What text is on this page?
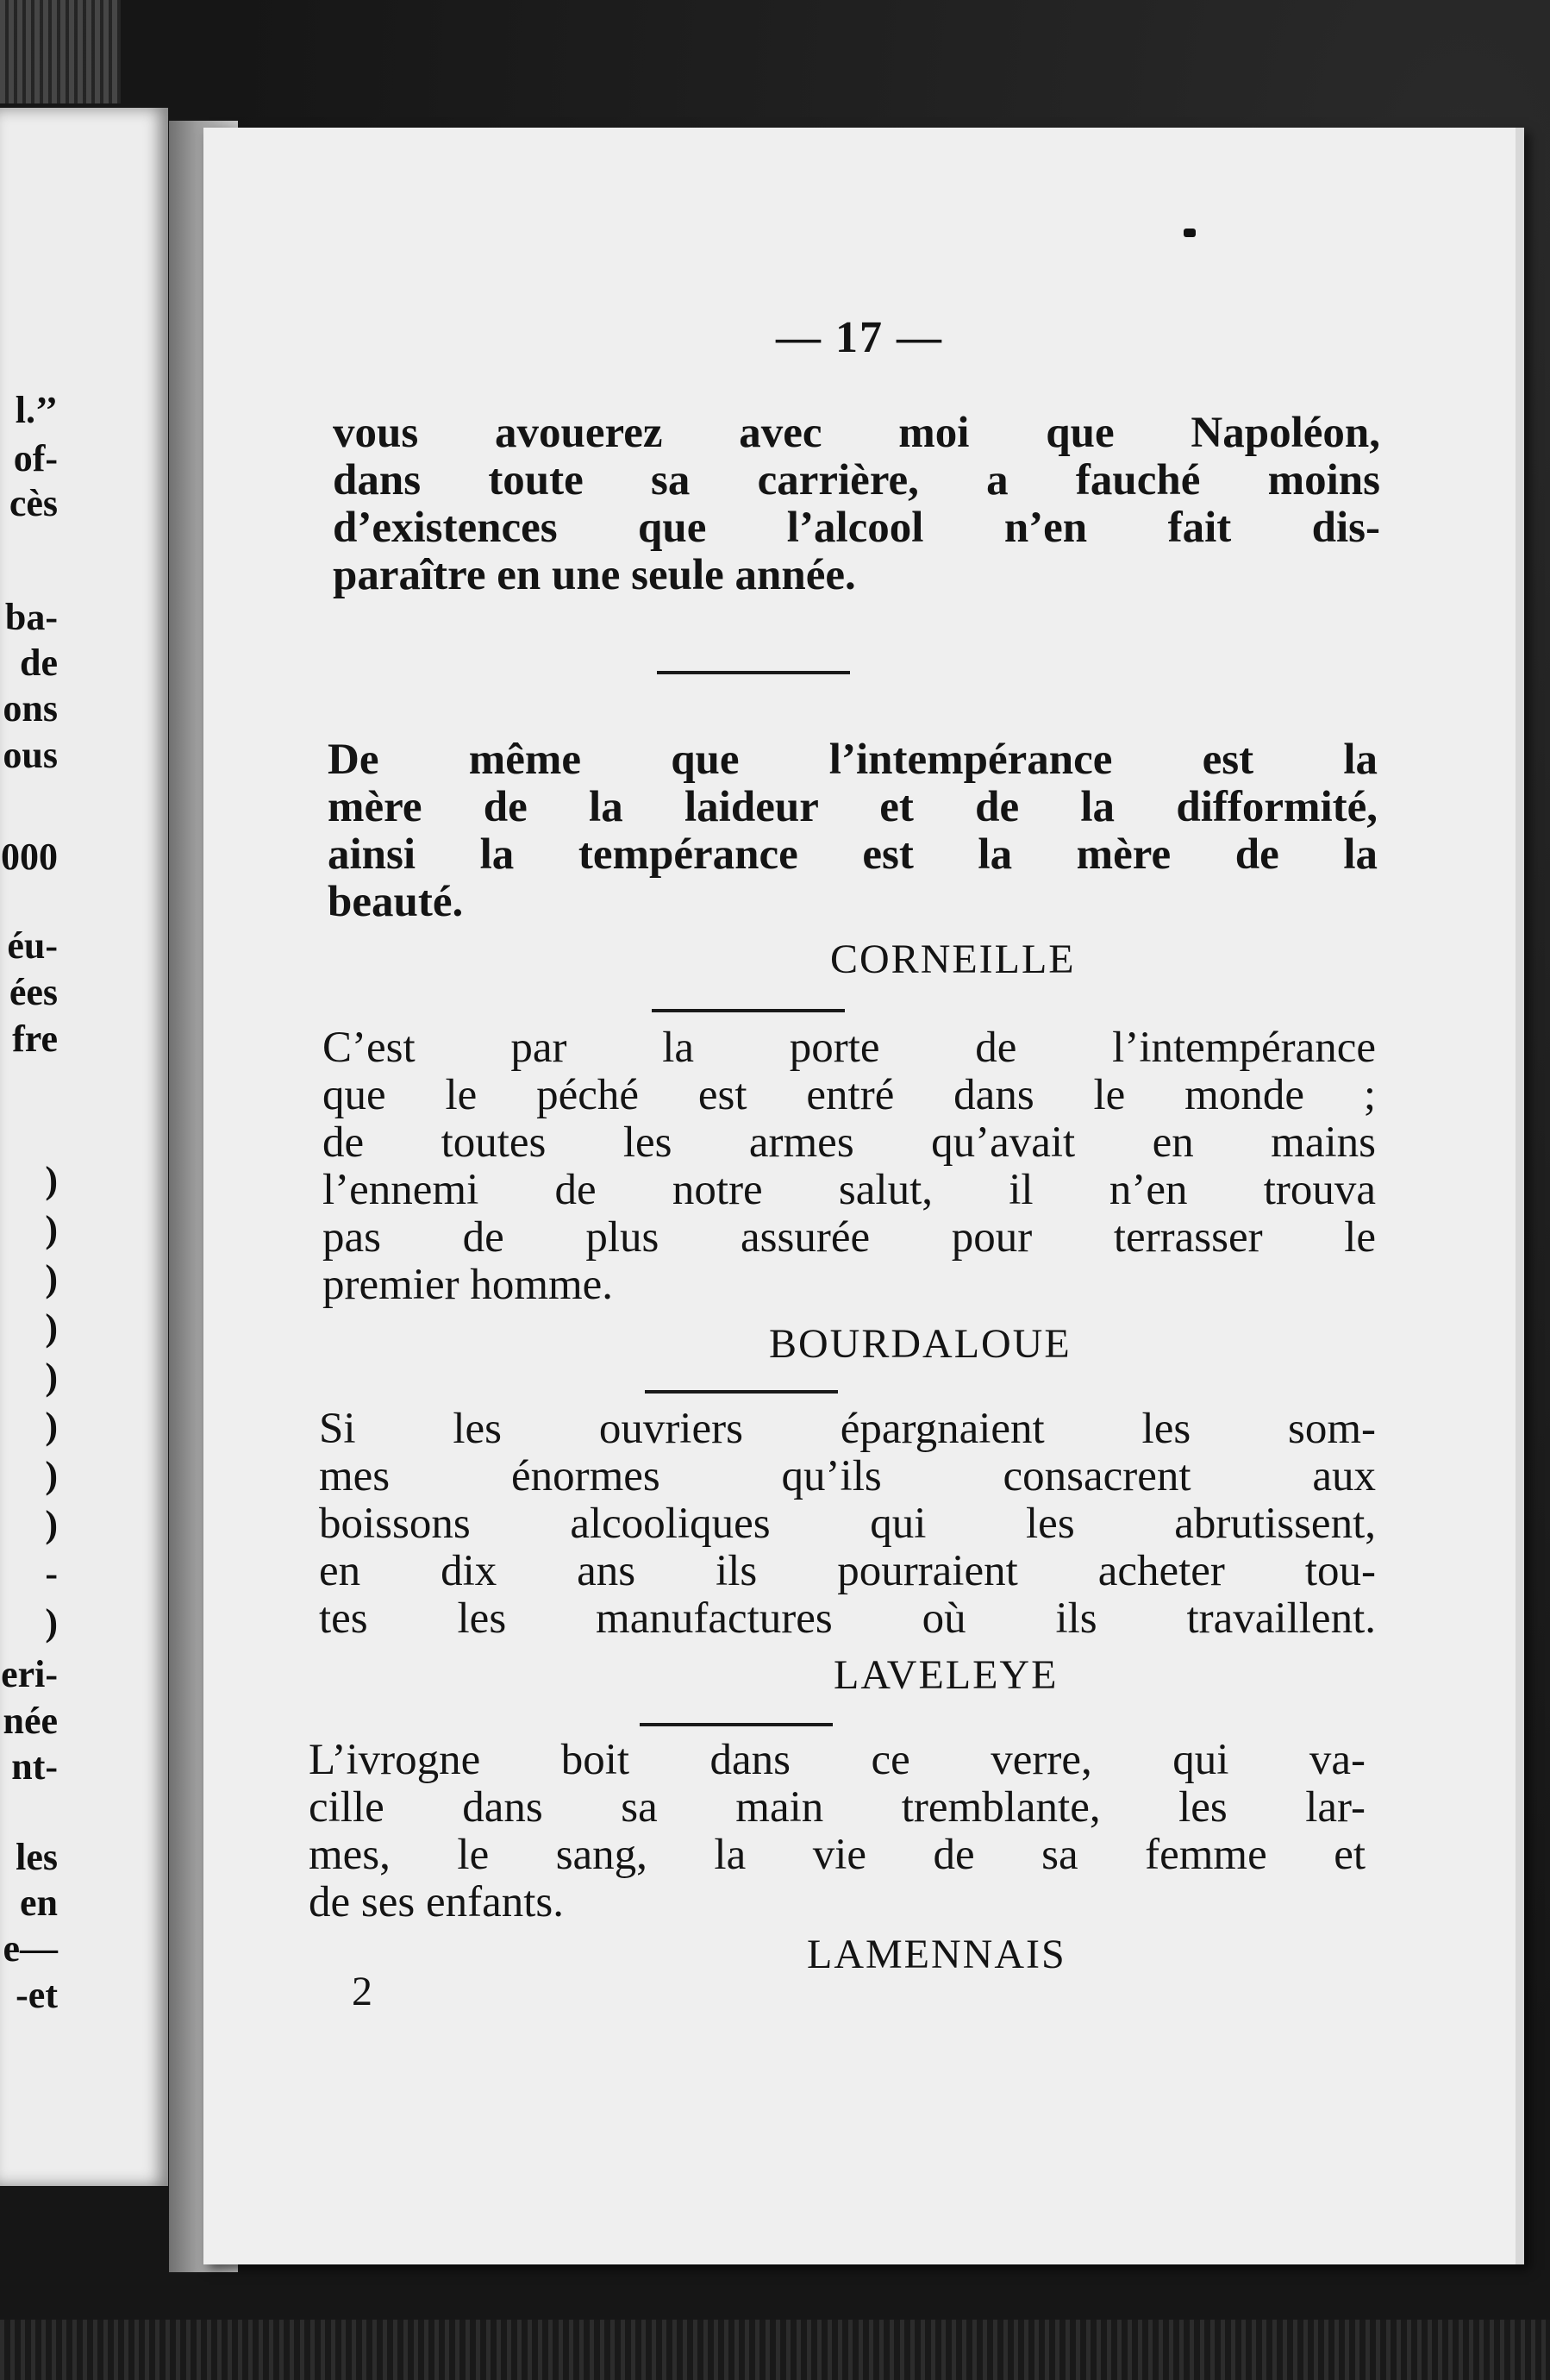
l.’’
of-
cès
ba-
de
ons
ous
000
éu-
ées
fre
)
)
)
)
)
)
)
)
-
)
eri-
née
nt-
les
en
e—
-et
— 17 —
vous avouerez avec moi que Napoléon,
dans toute sa carrière, a fauché moins
d’existences que l’alcool n’en fait dis-
paraître en une seule année.
De même que l’intempérance est la
mère de la laideur et de la difformité,
ainsi la tempérance est la mère de la
beauté.
CORNEILLE
C’est par la porte de l’intempérance
que le péché est entré dans le monde ;
de toutes les armes qu’avait en mains
l’ennemi de notre salut, il n’en trouva
pas de plus assurée pour terrasser le
premier homme.
BOURDALOUE
Si les ouvriers épargnaient les som-
mes énormes qu’ils consacrent aux
boissons alcooliques qui les abrutissent,
en dix ans ils pourraient acheter tou-
tes les manufactures où ils travaillent.
LAVELEYE
L’ivrogne boit dans ce verre, qui va-
cille dans sa main tremblante, les lar-
mes, le sang, la vie de sa femme et
de ses enfants.
LAMENNAIS
2
